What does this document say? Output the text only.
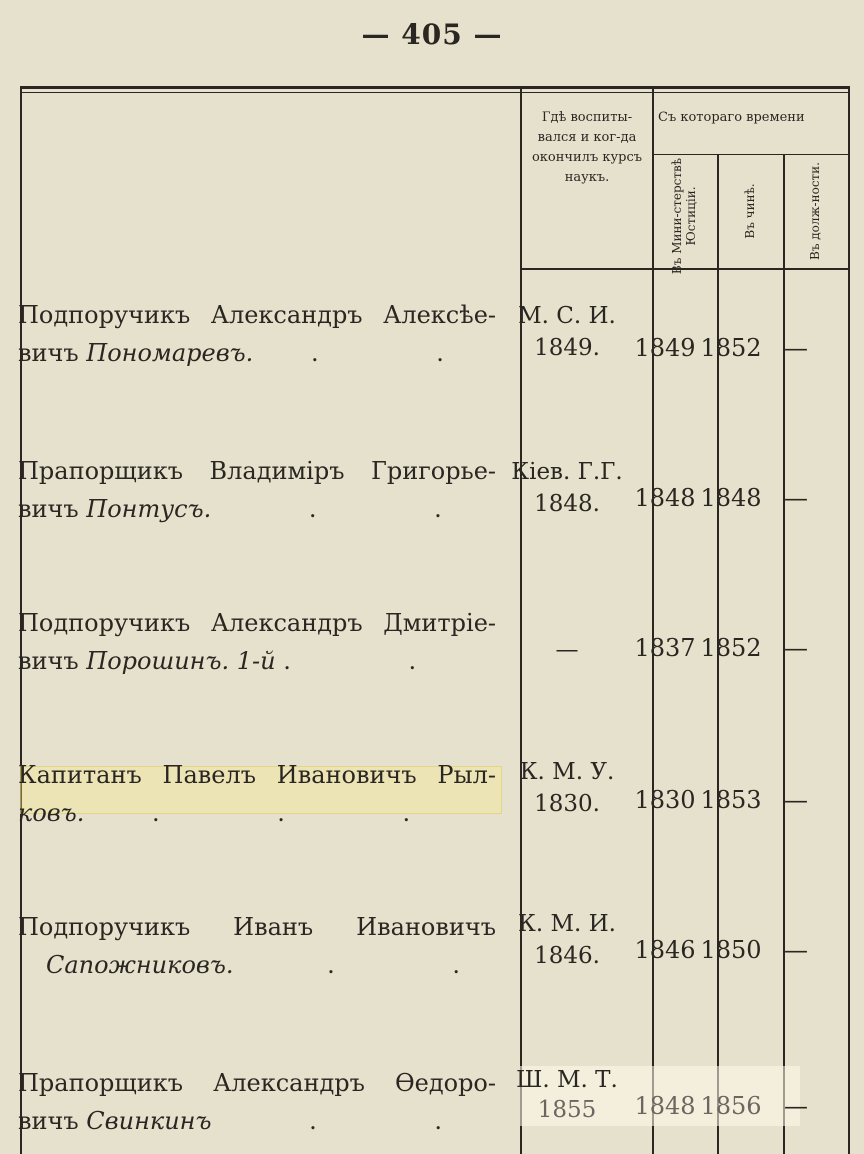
— 405 —
Гдѣ воспиты-вался и ког-да окончилъ курсъ наукъ.
Съ котораго времени
Въ Мини-стерствѣ Юстиціи.	Въ чинѣ.	Въ долж-ности.
Подпоручикъ Александръ Алексѣе-
вичъ Пономаревъ. . .
М. С. И.
1849.	1849 1852 —
Прапорщикъ Владиміръ Григорье-
вичъ Понтусъ.	. .
Кiев. Г.Г.
1848.	1848 1848 —
Подпоручикъ Александръ Дмитріе-
вичъ Порошинъ. 1-й . .	—	1837 1852 —
Капитанъ Павелъ Ивановичъ Рыл-
ковъ.	. . .
К. М. У.
1830.	1830 1853 —
Подпоручикъ Иванъ Ивановичъ
Сапожниковъ.	. .
К. М. И.
1846.	1846 1850 —
Прапорщикъ Александръ Өедоро-
вичъ Свинкинъ	. .
Ш. М. Т.
1855	1848 1856 —
